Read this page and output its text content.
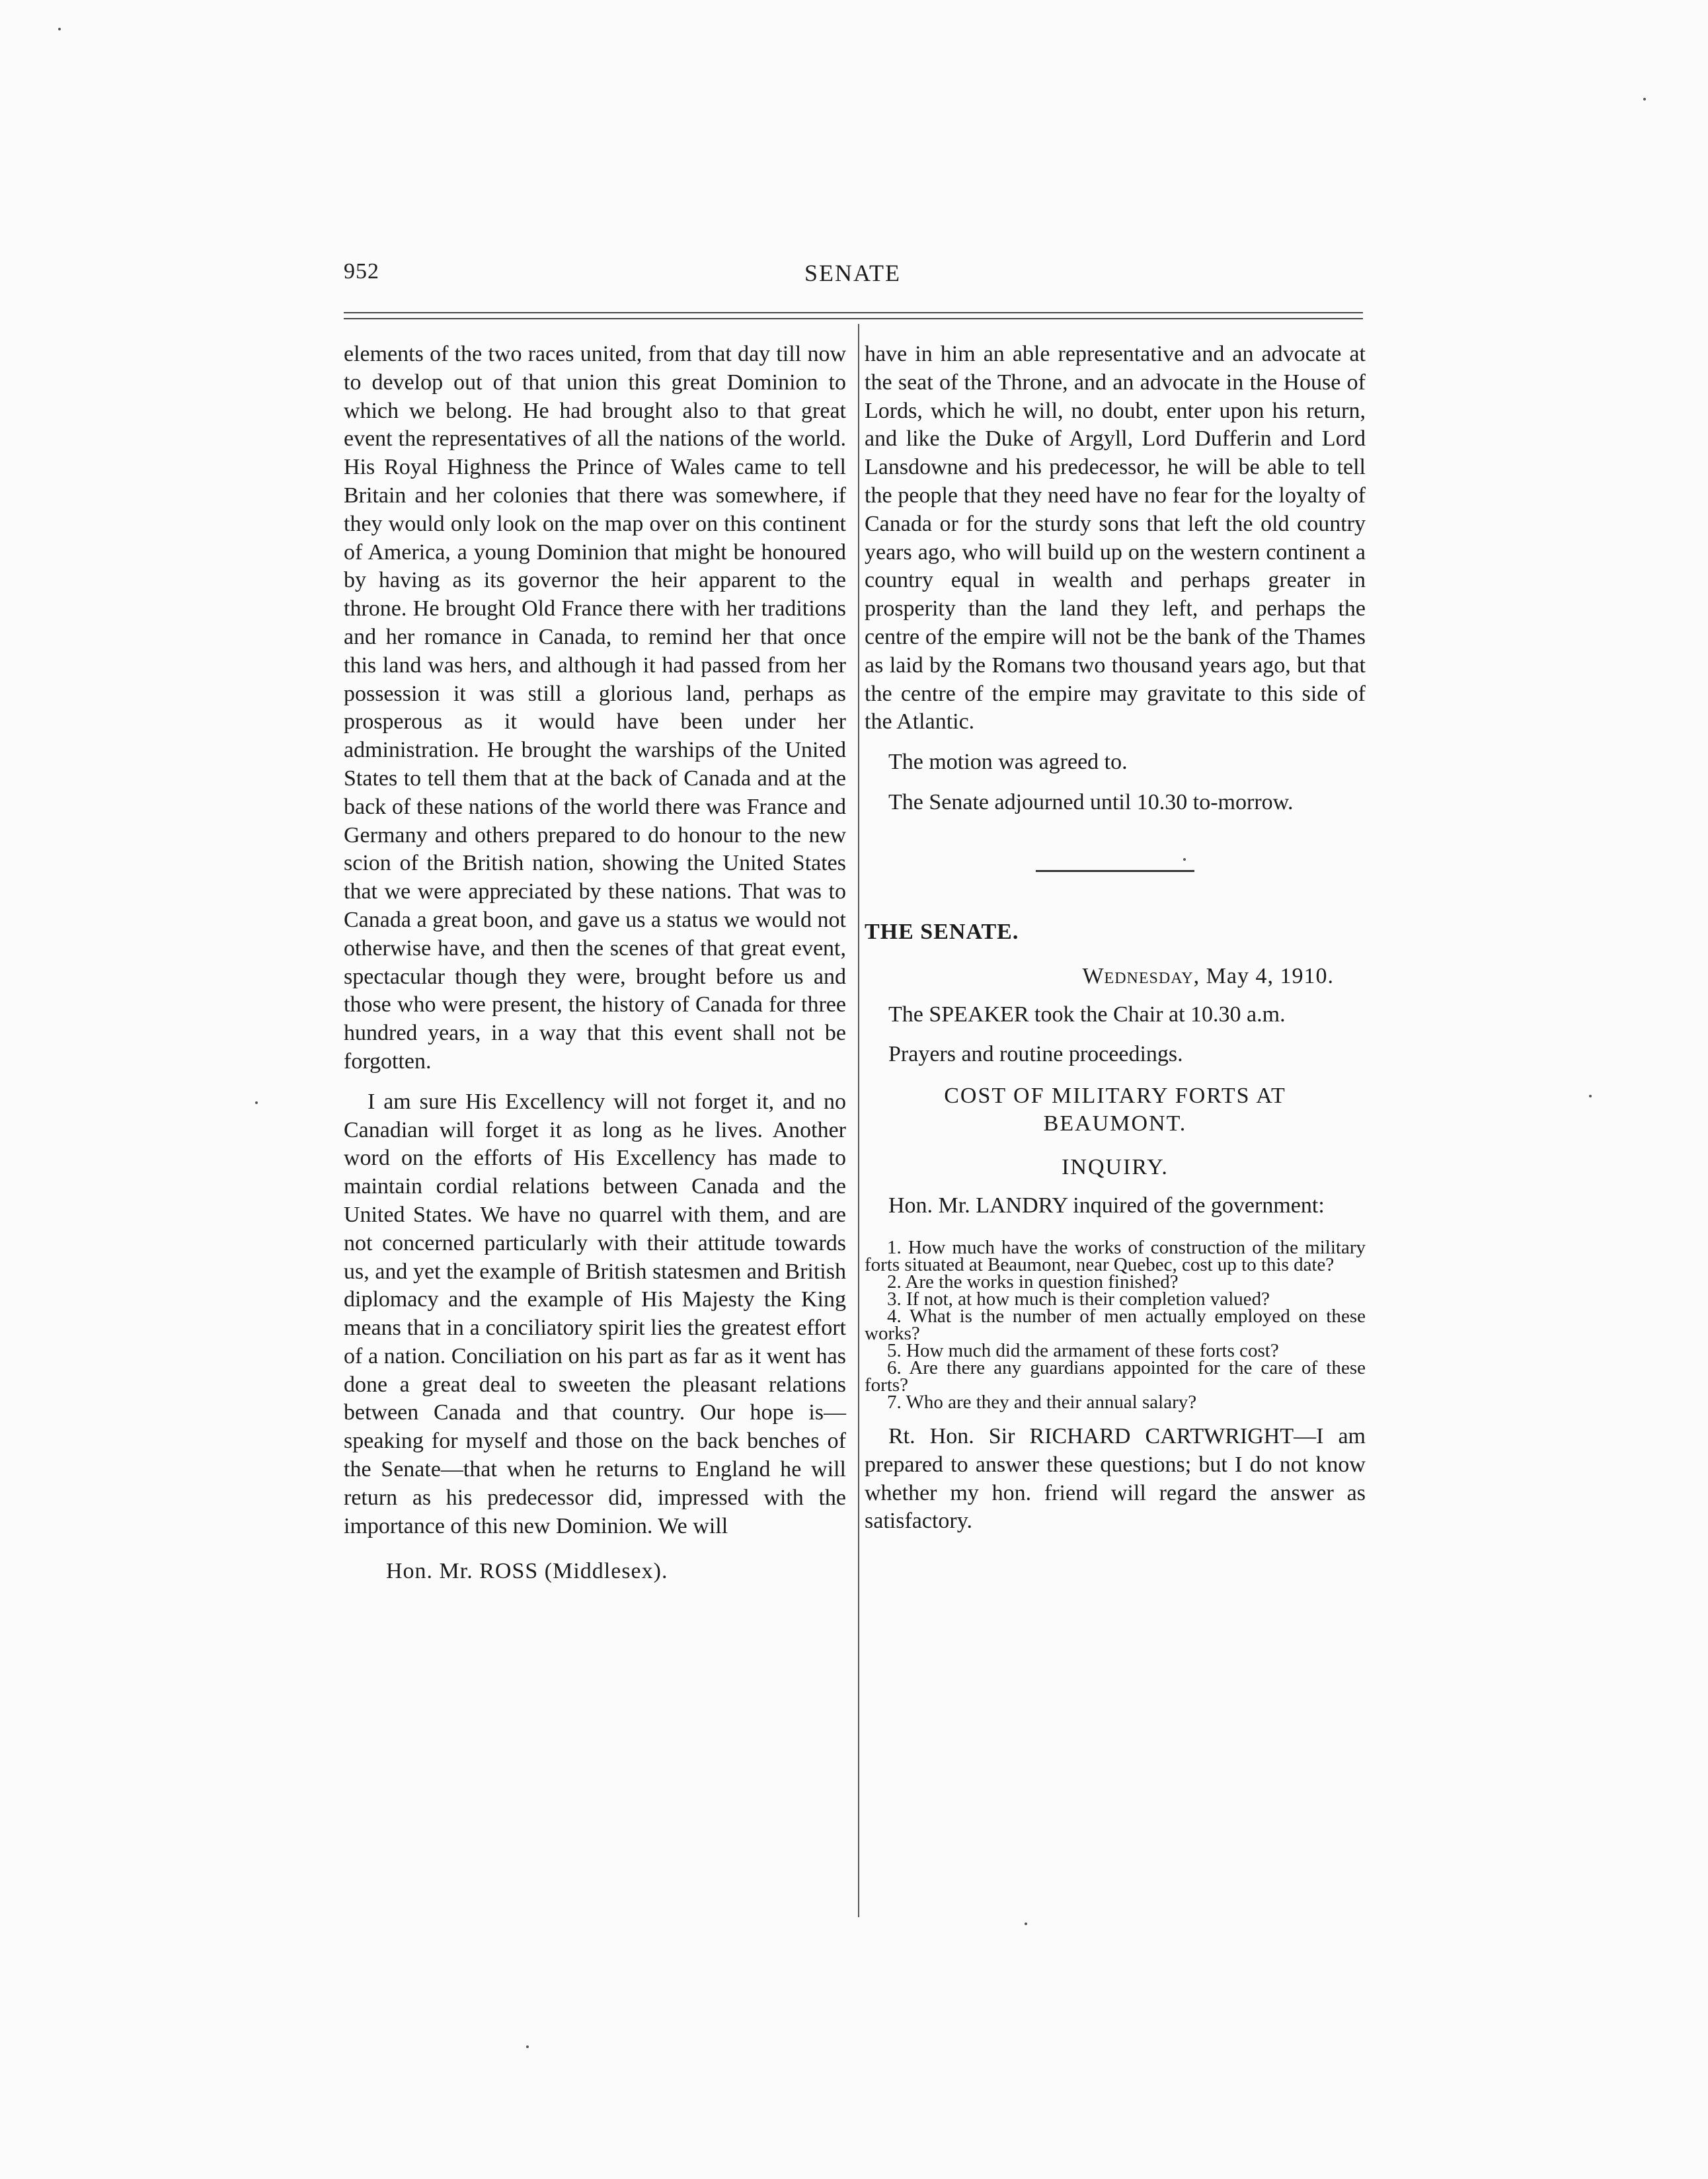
952	SENATE

elements of the two races united, from that day till now to develop out of that union this great Dominion to which we belong. He had brought also to that great event the representatives of all the nations of the world. His Royal Highness the Prince of Wales came to tell Britain and her colonies that there was somewhere, if they would only look on the map over on this continent of America, a young Dominion that might be honoured by having as its governor the heir apparent to the throne. He brought Old France there with her traditions and her romance in Canada, to remind her that once this land was hers, and although it had passed from her possession it was still a glorious land, perhaps as prosperous as it would have been under her administration. He brought the warships of the United States to tell them that at the back of Canada and at the back of these nations of the world there was France and Germany and others prepared to do honour to the new scion of the British nation, showing the United States that we were appreciated by these nations. That was to Canada a great boon, and gave us a status we would not otherwise have, and then the scenes of that great event, spectacular though they were, brought before us and those who were present, the history of Canada for three hundred years, in a way that this event shall not be forgotten.

I am sure His Excellency will not forget it, and no Canadian will forget it as long as he lives. Another word on the efforts of His Excellency has made to maintain cordial relations between Canada and the United States. We have no quarrel with them, and are not concerned particularly with their attitude towards us, and yet the example of British statesmen and British diplomacy and the example of His Majesty the King means that in a conciliatory spirit lies the greatest effort of a nation. Conciliation on his part as far as it went has done a great deal to sweeten the pleasant relations between Canada and that country. Our hope is—speaking for myself and those on the back benches of the Senate—that when he returns to England he will return as his predecessor did, impressed with the importance of this new Dominion. We will

Hon. Mr. ROSS (Middlesex).

have in him an able representative and an advocate at the seat of the Throne, and an advocate in the House of Lords, which he will, no doubt, enter upon his return, and like the Duke of Argyll, Lord Dufferin and Lord Lansdowne and his predecessor, he will be able to tell the people that they need have no fear for the loyalty of Canada or for the sturdy sons that left the old country years ago, who will build up on the western continent a country equal in wealth and perhaps greater in prosperity than the land they left, and perhaps the centre of the empire will not be the bank of the Thames as laid by the Romans two thousand years ago, but that the centre of the empire may gravitate to this side of the Atlantic.

The motion was agreed to.

The Senate adjourned until 10.30 to-morrow.

THE SENATE.

Wednesday, May 4, 1910.

The SPEAKER took the Chair at 10.30 a.m.

Prayers and routine proceedings.

COST OF MILITARY FORTS AT
BEAUMONT.
INQUIRY.

Hon. Mr. LANDRY inquired of the government:

1. How much have the works of construction of the military forts situated at Beaumont, near Quebec, cost up to this date?

2. Are the works in question finished?

3. If not, at how much is their completion valued?

4. What is the number of men actually employed on these works?

5. How much did the armament of these forts cost?

6. Are there any guardians appointed for the care of these forts?

7. Who are they and their annual salary?

Rt. Hon. Sir RICHARD CARTWRIGHT—I am prepared to answer these questions; but I do not know whether my hon. friend will regard the answer as satisfactory.
